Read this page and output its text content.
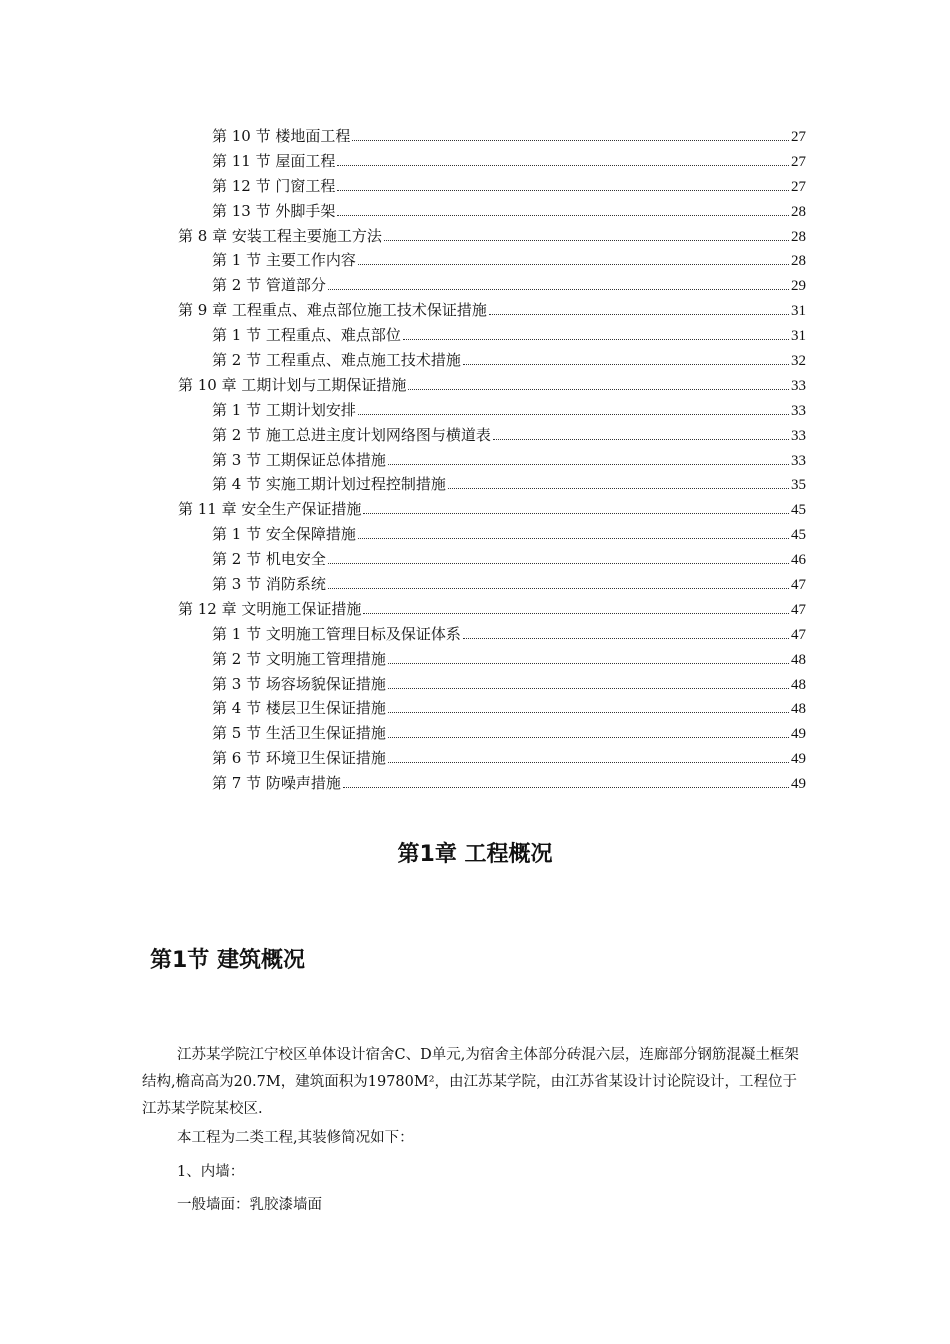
第 10 节 楼地面工程	27
第 11 节 屋面工程	27
第 12 节 门窗工程	27
第 13 节 外脚手架	28
第 8 章 安装工程主要施工方法	28
第 1 节 主要工作内容	28
第 2 节 管道部分	29
第 9 章 工程重点、难点部位施工技术保证措施	31
第 1 节 工程重点、难点部位	31
第 2 节 工程重点、难点施工技术措施	32
第 10 章 工期计划与工期保证措施	33
第 1 节 工期计划安排	33
第 2 节 施工总进主度计划网络图与横道表	33
第 3 节 工期保证总体措施	33
第 4 节 实施工期计划过程控制措施	35
第 11 章 安全生产保证措施	45
第 1 节 安全保障措施	45
第 2 节 机电安全	46
第 3 节 消防系统	47
第 12 章 文明施工保证措施	47
第 1 节 文明施工管理目标及保证体系	47
第 2 节 文明施工管理措施	48
第 3 节 场容场貌保证措施	48
第 4 节 楼层卫生保证措施	48
第 5 节 生活卫生保证措施	49
第 6 节 环境卫生保证措施	49
第 7 节 防噪声措施	49
第1章 工程概况
第1节 建筑概况

江苏某学院江宁校区单体设计宿舍C、D单元,为宿舍主体部分砖混六层，连廊部分钢筋混凝土框架结构,檐高高为20.7M，建筑面积为19780M²，由江苏某学院，由江苏省某设计讨论院设计，工程位于江苏某学院某校区.

本工程为二类工程,其装修简况如下：

1、内墙：

一般墙面：乳胶漆墙面
